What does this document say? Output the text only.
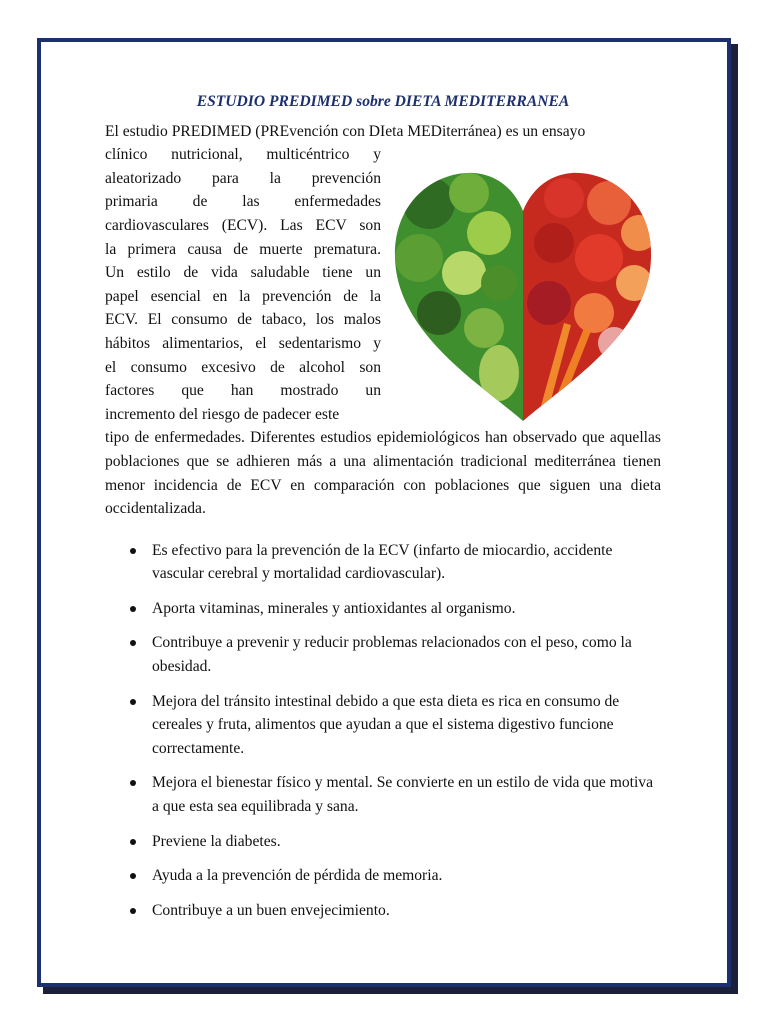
ESTUDIO PREDIMED sobre DIETA MEDITERRANEA

El estudio PREDIMED (PREvención con DIeta MEDiterránea) es un ensayo

clínico nutricional, multicéntrico y
aleatorizado para la prevención
primaria de las enfermedades
cardiovasculares (ECV). Las ECV son
la primera causa de muerte prematura.
Un estilo de vida saludable tiene un
papel esencial en la prevención de la
ECV. El consumo de tabaco, los malos
hábitos alimentarios, el sedentarismo y
el consumo excesivo de alcohol son
factores que han mostrado un
incremento del riesgo de padecer este

tipo de enfermedades. Diferentes estudios epidemiológicos han observado que aquellas poblaciones que se adhieren más a una alimentación tradicional mediterránea tienen menor incidencia de ECV en comparación con poblaciones que siguen una dieta occidentalizada.

Es efectivo para la prevención de la ECV (infarto de miocardio, accidente vascular cerebral y mortalidad cardiovascular).
Aporta vitaminas, minerales y antioxidantes al organismo.
Contribuye a prevenir y reducir problemas relacionados con el peso, como la obesidad.
Mejora del tránsito intestinal debido a que esta dieta es rica en consumo de cereales y fruta, alimentos que ayudan a que el sistema digestivo funcione correctamente.
Mejora el bienestar físico y mental. Se convierte en un estilo de vida que motiva a que esta sea equilibrada y sana.
Previene la diabetes.
Ayuda a la prevención de pérdida de memoria.
Contribuye a un buen envejecimiento.
